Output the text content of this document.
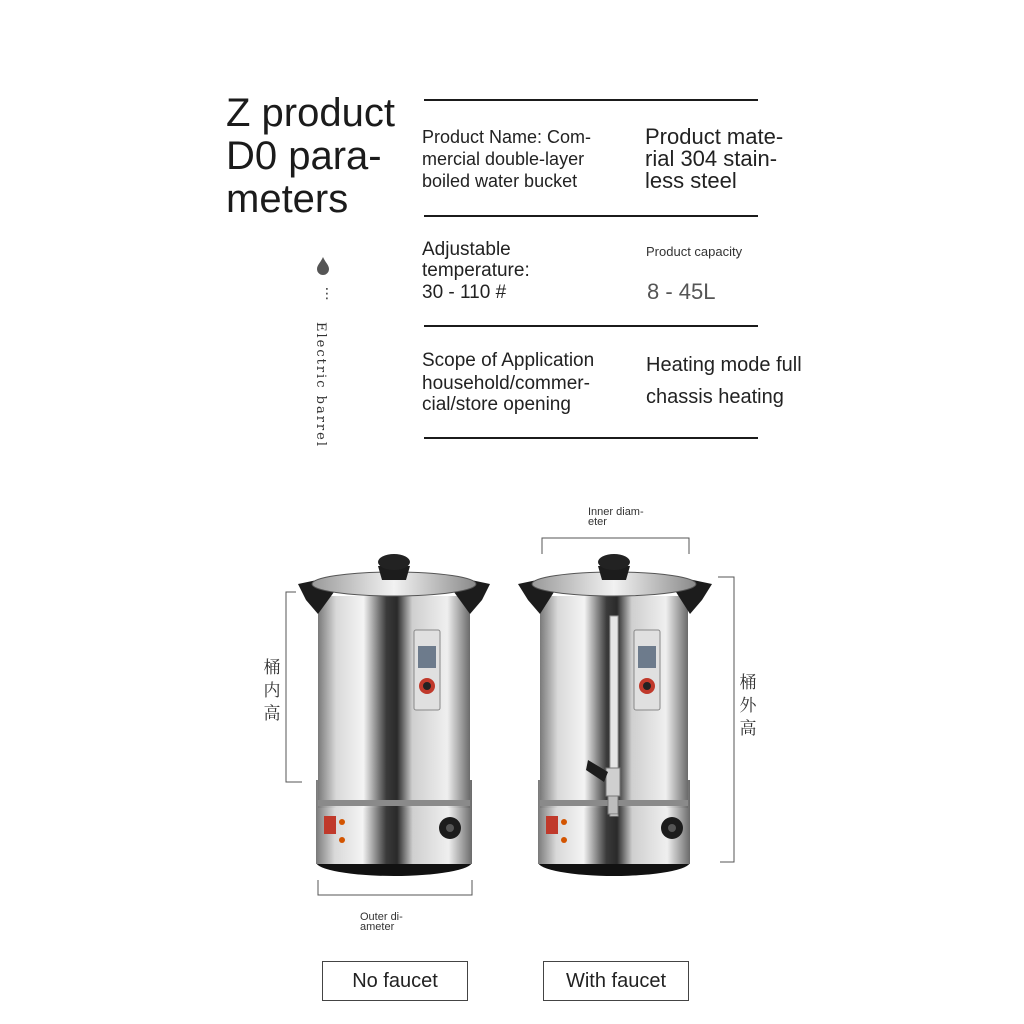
Z product
D0 para-
meters
⋮
Electric barrel
Product Name: Com-
mercial double-layer
boiled water bucket
Product mate-
rial 304 stain-
less steel
Adjustable
temperature:
30 - 110 #
Product capacity
8 - 45L
Scope of Application
household/commer-
cial/store opening
Heating mode full
chassis heating
Inner diam-
eter
Outer di-
ameter
桶
内
高
桶
外
高
No faucet	With faucet
